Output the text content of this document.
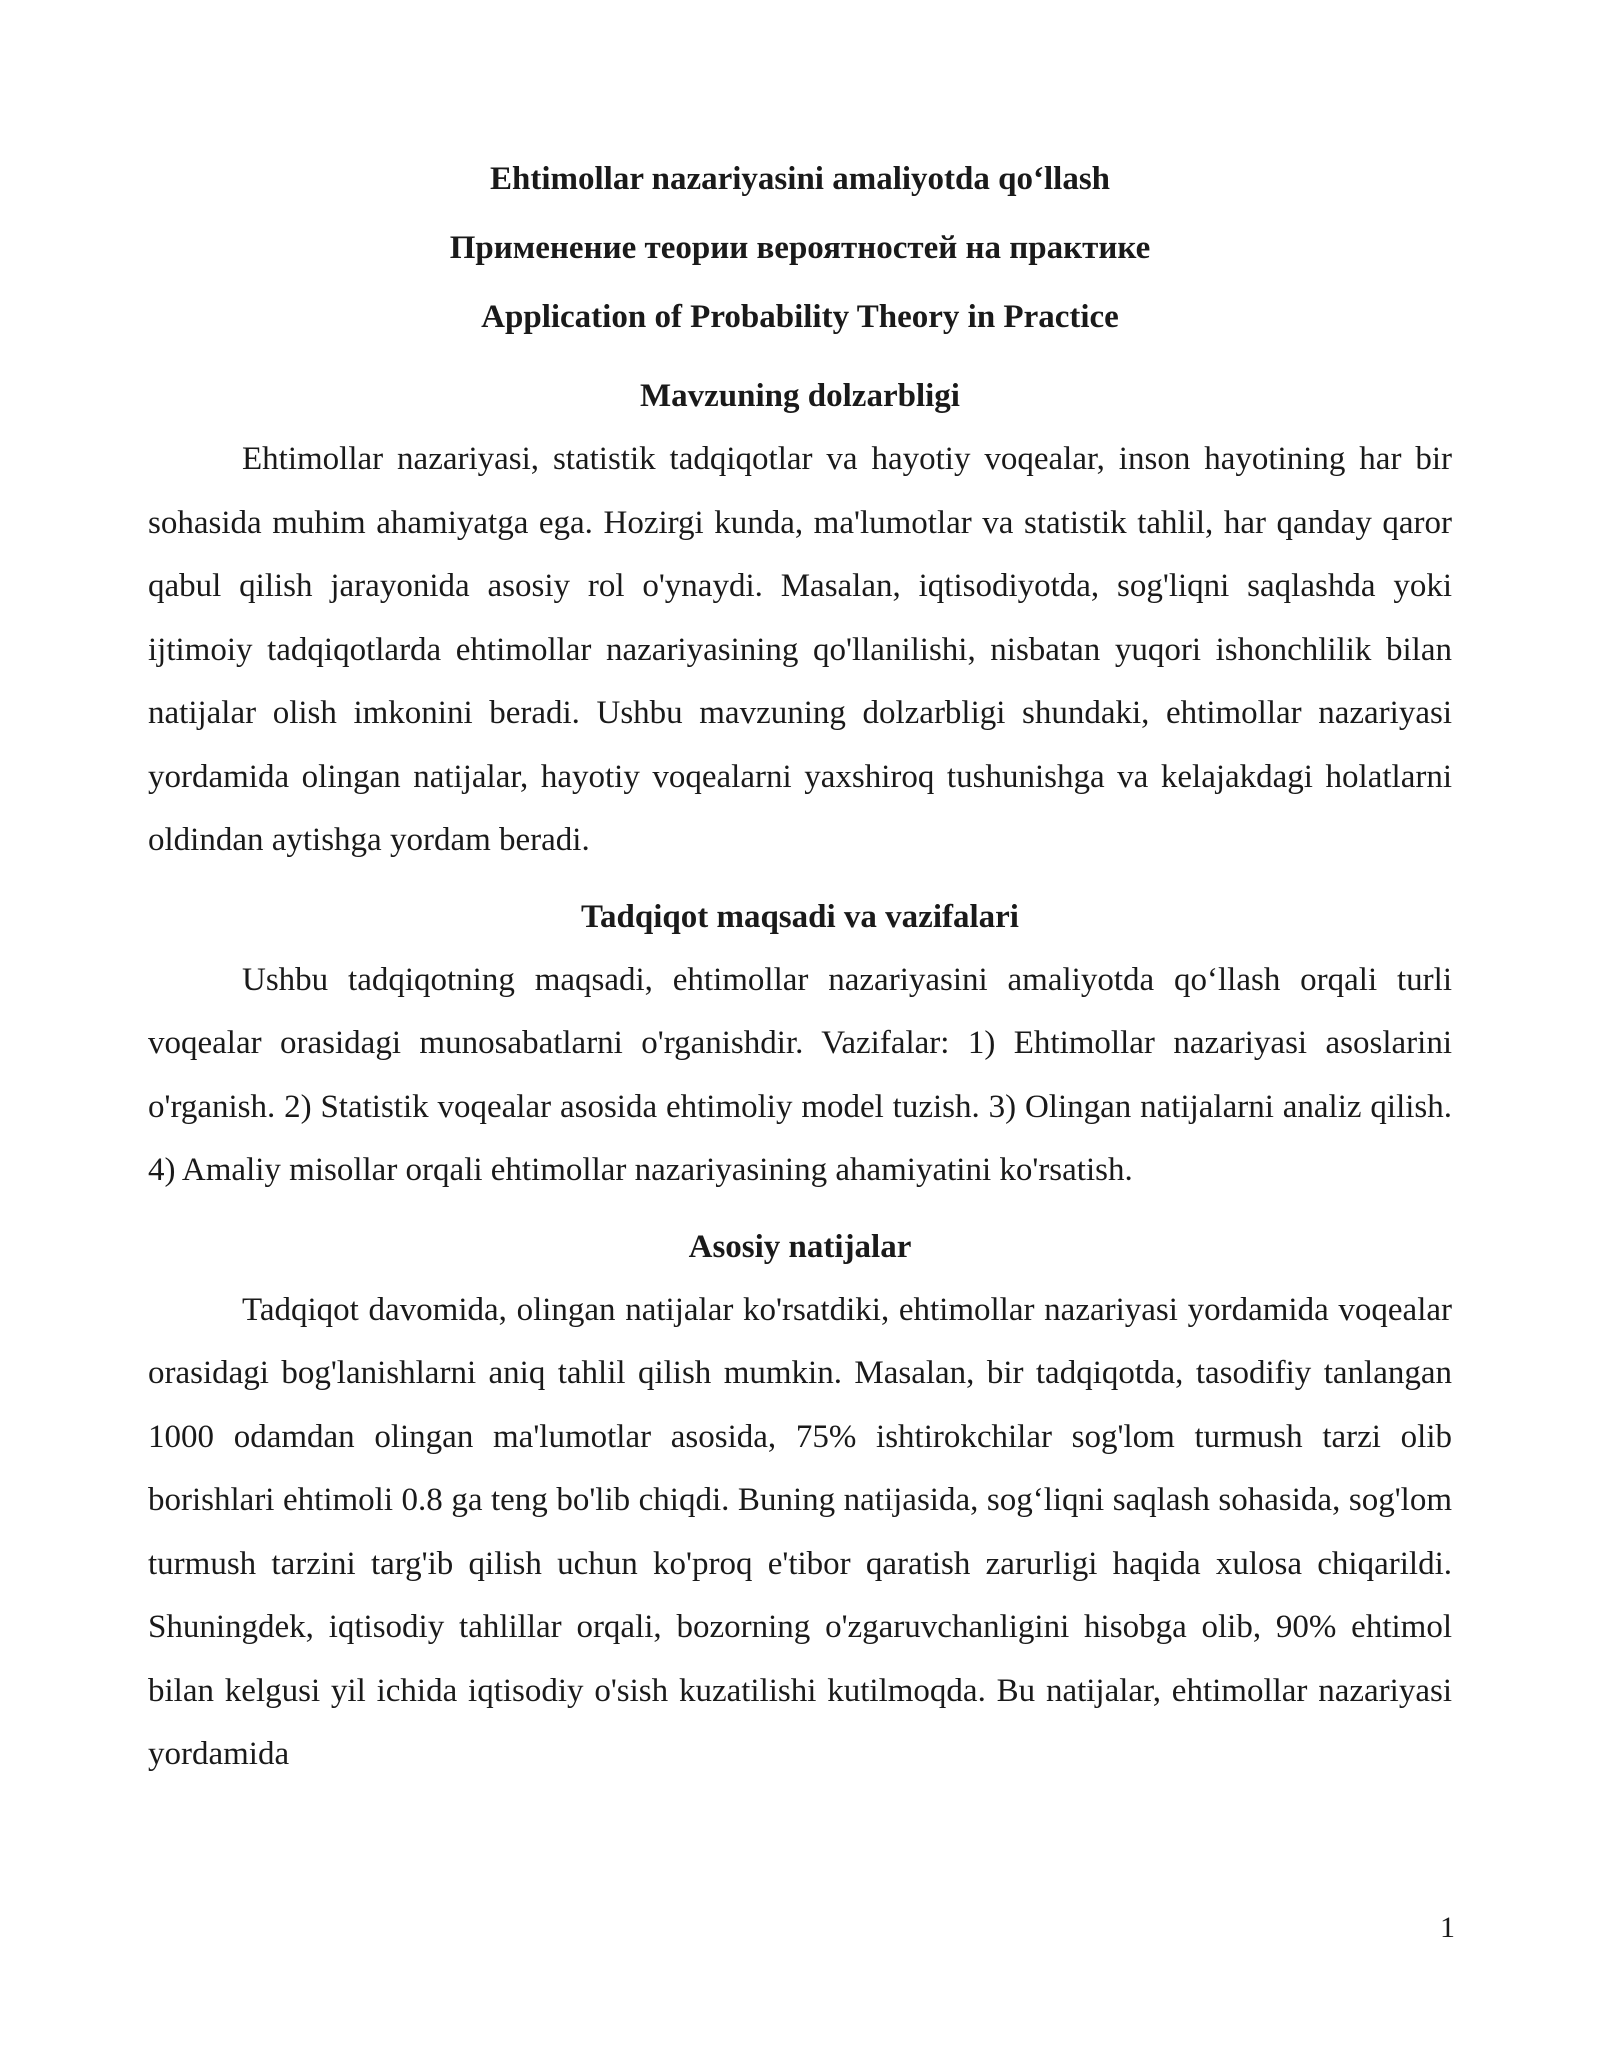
Ehtimollar nazariyasini amaliyotda qo‘llash

Применение теории вероятностей на практике

Application of Probability Theory in Practice

Mavzuning dolzarbligi

Ehtimollar nazariyasi, statistik tadqiqotlar va hayotiy voqealar, inson hayotining har bir sohasida muhim ahamiyatga ega. Hozirgi kunda, ma'lumotlar va statistik tahlil, har qanday qaror qabul qilish jarayonida asosiy rol o'ynaydi. Masalan, iqtisodiyotda, sog'liqni saqlashda yoki ijtimoiy tadqiqotlarda ehtimollar nazariyasining qo'llanilishi, nisbatan yuqori ishonchlilik bilan natijalar olish imkonini beradi. Ushbu mavzuning dolzarbligi shundaki, ehtimollar nazariyasi yordamida olingan natijalar, hayotiy voqealarni yaxshiroq tushunishga va kelajakdagi holatlarni oldindan aytishga yordam beradi.

Tadqiqot maqsadi va vazifalari

Ushbu tadqiqotning maqsadi, ehtimollar nazariyasini amaliyotda qo‘llash orqali turli voqealar orasidagi munosabatlarni o'rganishdir. Vazifalar: 1) Ehtimollar nazariyasi asoslarini o'rganish. 2) Statistik voqealar asosida ehtimoliy model tuzish. 3) Olingan natijalarni analiz qilish. 4) Amaliy misollar orqali ehtimollar nazariyasining ahamiyatini ko'rsatish.

Asosiy natijalar

Tadqiqot davomida, olingan natijalar ko'rsatdiki, ehtimollar nazariyasi yordamida voqealar orasidagi bog'lanishlarni aniq tahlil qilish mumkin. Masalan, bir tadqiqotda, tasodifiy tanlangan 1000 odamdan olingan ma'lumotlar asosida, 75% ishtirokchilar sog'lom turmush tarzi olib borishlari ehtimoli 0.8 ga teng bo'lib chiqdi. Buning natijasida, sog‘liqni saqlash sohasida, sog'lom turmush tarzini targ'ib qilish uchun ko'proq e'tibor qaratish zarurligi haqida xulosa chiqarildi. Shuningdek, iqtisodiy tahlillar orqali, bozorning o'zgaruvchanligini hisobga olib, 90% ehtimol bilan kelgusi yil ichida iqtisodiy o'sish kuzatilishi kutilmoqda. Bu natijalar, ehtimollar nazariyasi yordamida

1
